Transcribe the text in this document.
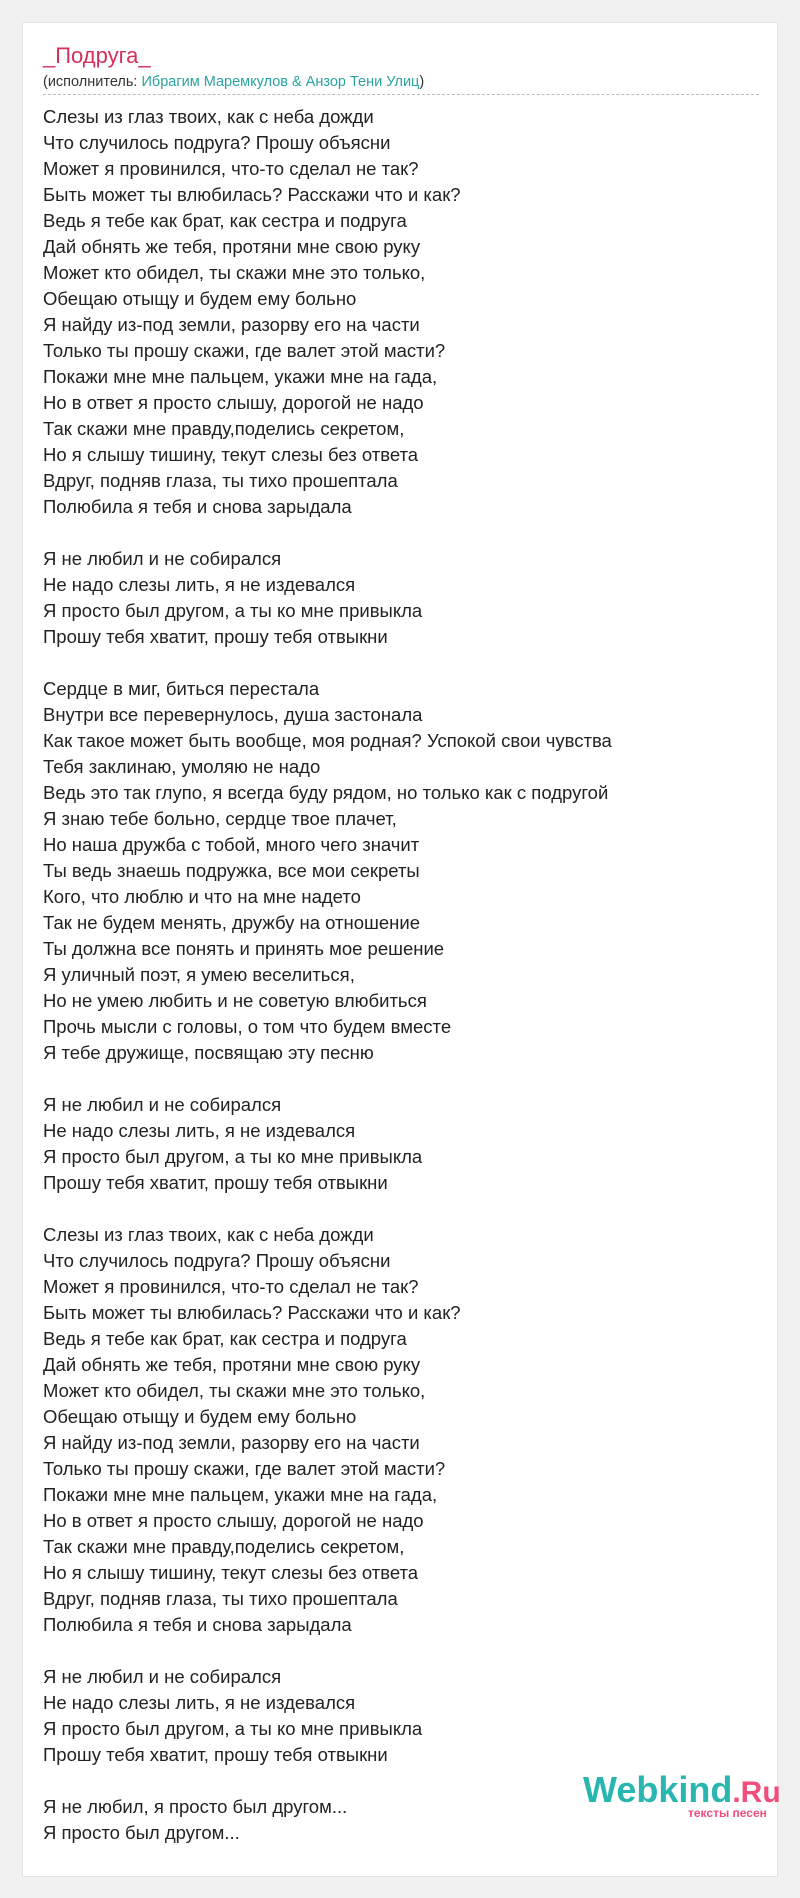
_Подруга_
(исполнитель: Ибрагим Маремкулов & Анзор Тени Улиц)
Слезы из глаз твоих, как с неба дожди
Что случилось подруга? Прошу объясни
Может я провинился, что-то сделал не так?
Быть может ты влюбилась? Расскажи что и как?
Ведь я тебе как брат, как сестра и подруга
Дай обнять же тебя, протяни мне свою руку
Может кто обидел, ты скажи мне это только,
Обещаю отыщу и будем ему больно
Я найду из-под земли, разорву его на части
Только ты прошу скажи, где валет этой масти?
Покажи мне мне пальцем, укажи мне на гада,
Но в ответ я просто слышу, дорогой не надо
Так скажи мне правду,поделись секретом,
Но я слышу тишину, текут слезы без ответа
Вдруг, подняв глаза, ты тихо прошептала
Полюбила я тебя и снова зарыдала
Я не любил и не собирался
Не надо слезы лить, я не издевался
Я просто был другом, а ты ко мне привыкла
Прошу тебя хватит, прошу тебя отвыкни
Сердце в миг, биться перестала
Внутри все перевернулось, душа застонала
Как такое может быть вообще, моя родная? Успокой свои чувства
Тебя заклинаю, умоляю не надо
Ведь это так глупо, я всегда буду рядом, но только как с подругой
Я знаю тебе больно, сердце твое плачет,
Но наша дружба с тобой, много чего значит
Ты ведь знаешь подружка, все мои секреты
Кого, что люблю и что на мне надето
Так не будем менять, дружбу на отношение
Ты должна все понять и принять мое решение
Я уличный поэт, я умею веселиться,
Но не умею любить и не советую влюбиться
Прочь мысли с головы, о том что будем вместе
Я тебе дружище, посвящаю эту песню
Я не любил и не собирался
Не надо слезы лить, я не издевался
Я просто был другом, а ты ко мне привыкла
Прошу тебя хватит, прошу тебя отвыкни
Слезы из глаз твоих, как с неба дожди
Что случилось подруга? Прошу объясни
Может я провинился, что-то сделал не так?
Быть может ты влюбилась? Расскажи что и как?
Ведь я тебе как брат, как сестра и подруга
Дай обнять же тебя, протяни мне свою руку
Может кто обидел, ты скажи мне это только,
Обещаю отыщу и будем ему больно
Я найду из-под земли, разорву его на части
Только ты прошу скажи, где валет этой масти?
Покажи мне мне пальцем, укажи мне на гада,
Но в ответ я просто слышу, дорогой не надо
Так скажи мне правду,поделись секретом,
Но я слышу тишину, текут слезы без ответа
Вдруг, подняв глаза, ты тихо прошептала
Полюбила я тебя и снова зарыдала
Я не любил и не собирался
Не надо слезы лить, я не издевался
Я просто был другом, а ты ко мне привыкла
Прошу тебя хватит, прошу тебя отвыкни
Я не любил, я просто был другом...
Я просто был другом...
Webkind.Ru
тексты песен
